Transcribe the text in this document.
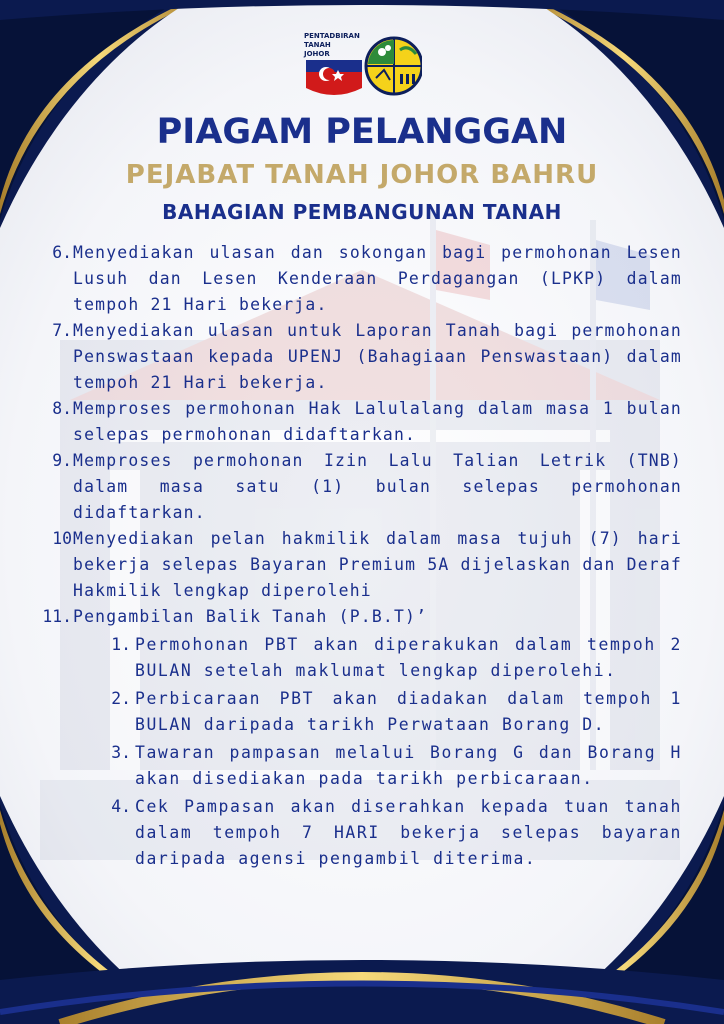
PENTADBIRAN
TANAH
JOHOR
PIAGAM PELANGGAN
PEJABAT TANAH JOHOR BAHRU
BAHAGIAN PEMBANGUNAN TANAH
6. Menyediakan ulasan dan sokongan bagi permohonan Lesen Lusuh dan Lesen Kenderaan Perdagangan (LPKP) dalam tempoh 21 Hari bekerja.
7. Menyediakan ulasan untuk Laporan Tanah bagi permohonan Penswastaan kepada UPENJ (Bahagiaan Penswastaan) dalam tempoh 21 Hari bekerja.
8. Memproses permohonan Hak Lalulalang dalam masa 1 bulan selepas permohonan didaftarkan.
9. Memproses permohonan Izin Lalu Talian Letrik (TNB) dalam masa satu (1) bulan selepas permohonan didaftarkan.
10 Menyediakan pelan hakmilik dalam masa tujuh (7) hari bekerja selepas Bayaran Premium 5A dijelaskan dan Deraf Hakmilik lengkap diperolehi
11. Pengambilan Balik Tanah (P.B.T)’
1. Permohonan PBT akan diperakukan dalam tempoh 2 BULAN setelah maklumat lengkap diperolehi.
2. Perbicaraan PBT akan diadakan dalam tempoh 1 BULAN daripada tarikh Perwataan Borang D.
3. Tawaran pampasan melalui Borang G dan Borang H akan disediakan pada tarikh perbicaraan.
4. Cek Pampasan akan diserahkan kepada tuan tanah dalam tempoh 7 HARI bekerja selepas bayaran daripada agensi pengambil diterima.
